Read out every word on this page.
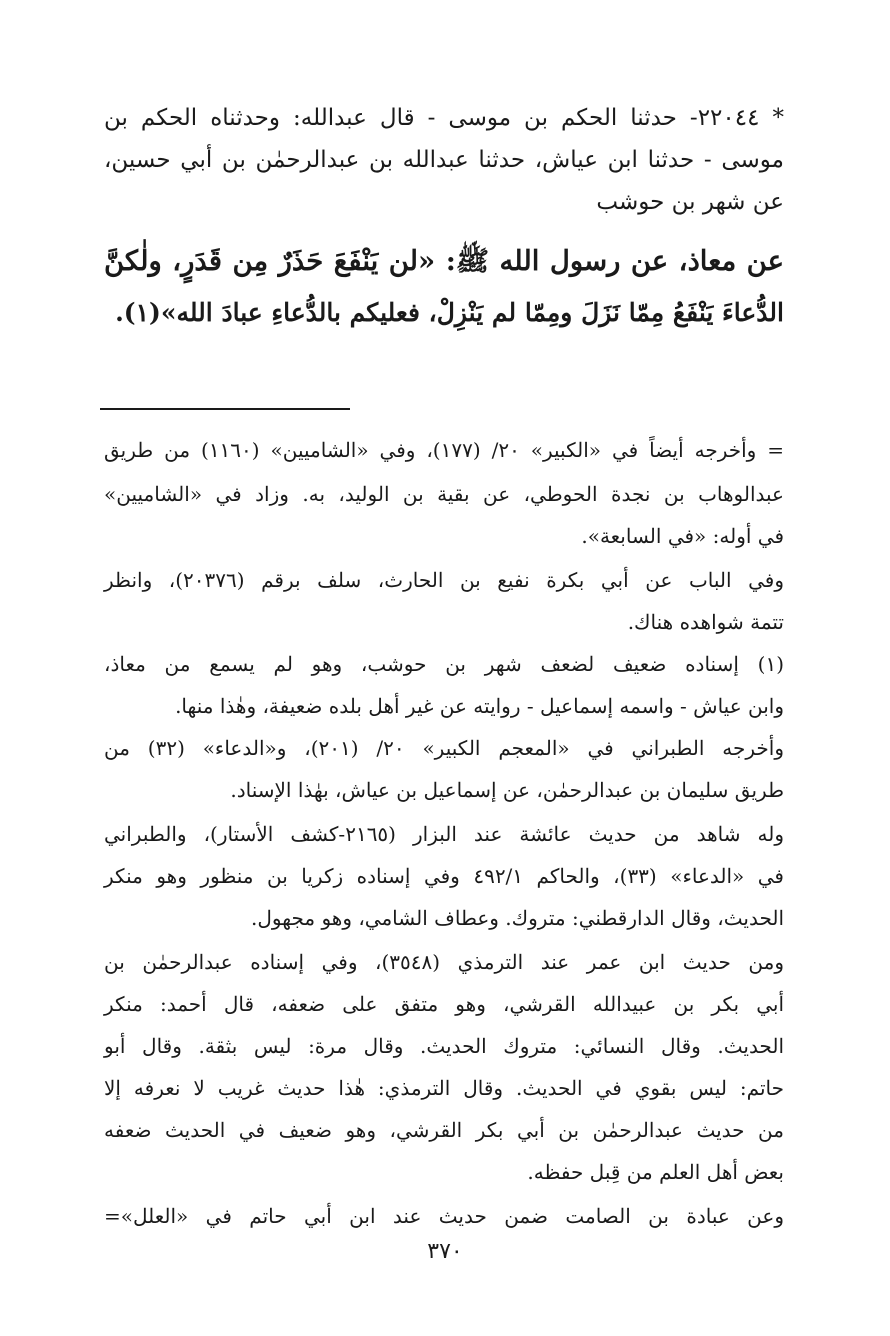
* ٢٢٠٤٤- حدثنا الحكم بن موسى - قال عبدالله: وحدثناه الحكم بن

موسى - حدثنا ابن عياش، حدثنا عبدالله بن عبدالرحمٰن بن أبي حسين،

عن شهر بن حوشب

عن معاذ، عن رسول الله ﷺ: «لن يَنْفَعَ حَذَرٌ مِن قَدَرٍ، ولٰكنَّ

الدُّعاءَ يَنْفَعُ مِمّا نَزَلَ ومِمّا لم يَنْزِلْ، فعليكم بالدُّعاءِ عبادَ الله»(١).

= وأخرجه أيضاً في «الكبير» ٢٠/ (١٧٧)، وفي «الشاميين» (١١٦٠) من طريق

عبدالوهاب بن نجدة الحوطي، عن بقية بن الوليد، به. وزاد في «الشاميين»

في أوله: «في السابعة».

وفي الباب عن أبي بكرة نفيع بن الحارث، سلف برقم (٢٠٣٧٦)، وانظر

تتمة شواهده هناك.

(١) إسناده ضعيف لضعف شهر بن حوشب، وهو لم يسمع من معاذ،

وابن عياش - واسمه إسماعيل - روايته عن غير أهل بلده ضعيفة، وهٰذا منها.

وأخرجه الطبراني في «المعجم الكبير» ٢٠/ (٢٠١)، و«الدعاء» (٣٢) من

طريق سليمان بن عبدالرحمٰن، عن إسماعيل بن عياش، بهٰذا الإسناد.

وله شاهد من حديث عائشة عند البزار (٢١٦٥-كشف الأستار)، والطبراني

في «الدعاء» (٣٣)، والحاكم ٤٩٢/١ وفي إسناده زكريا بن منظور وهو منكر

الحديث، وقال الدارقطني: متروك. وعطاف الشامي، وهو مجهول.

ومن حديث ابن عمر عند الترمذي (٣٥٤٨)، وفي إسناده عبدالرحمٰن بن

أبي بكر بن عبيدالله القرشي، وهو متفق على ضعفه، قال أحمد: منكر

الحديث. وقال النسائي: متروك الحديث. وقال مرة: ليس بثقة. وقال أبو

حاتم: ليس بقوي في الحديث. وقال الترمذي: هٰذا حديث غريب لا نعرفه إلا

من حديث عبدالرحمٰن بن أبي بكر القرشي، وهو ضعيف في الحديث ضعفه

بعض أهل العلم من قِبل حفظه.

وعن عبادة بن الصامت ضمن حديث عند ابن أبي حاتم في «العلل»=

٣٧٠
